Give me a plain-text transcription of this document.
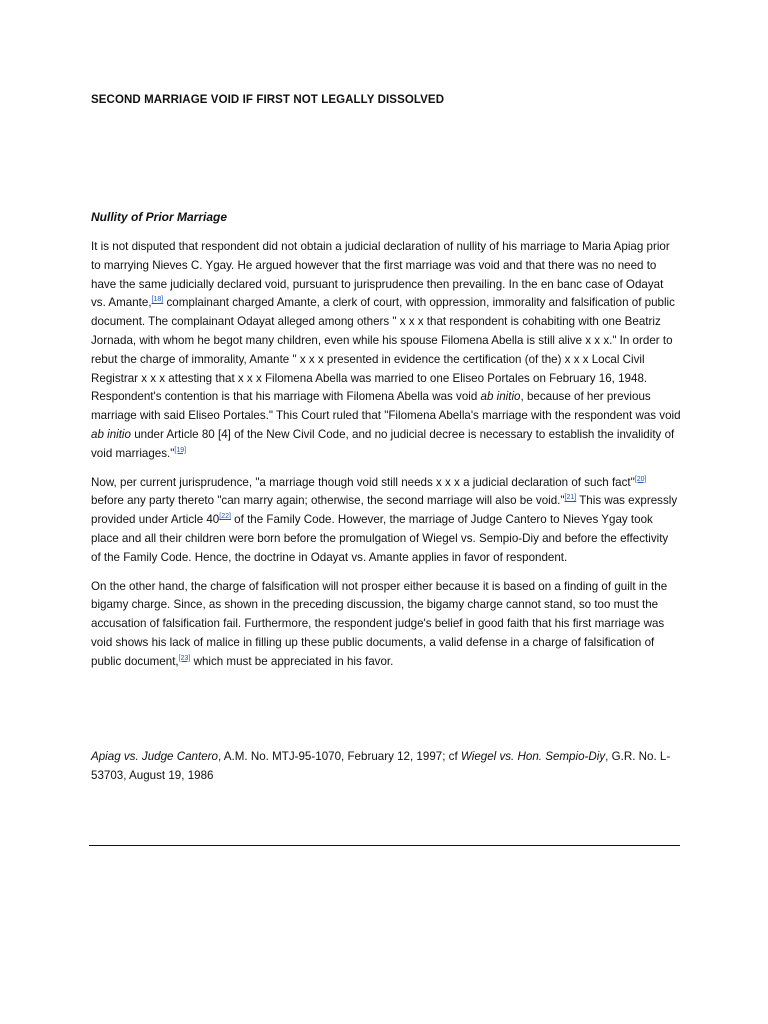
SECOND MARRIAGE VOID IF FIRST NOT LEGALLY DISSOLVED
Nullity of Prior Marriage

It is not disputed that respondent did not obtain a judicial declaration of nullity of his marriage to Maria Apiag prior to marrying Nieves C. Ygay. He argued however that the first marriage was void and that there was no need to have the same judicially declared void, pursuant to jurisprudence then prevailing. In the en banc case of Odayat vs. Amante,[18] complainant charged Amante, a clerk of court, with oppression, immorality and falsification of public document. The complainant Odayat alleged among others " x x x that respondent is cohabiting with one Beatriz Jornada, with whom he begot many children, even while his spouse Filomena Abella is still alive x x x." In order to rebut the charge of immorality, Amante " x x x presented in evidence the certification (of the) x x x Local Civil Registrar x x x attesting that x x x Filomena Abella was married to one Eliseo Portales on February 16, 1948. Respondent's contention is that his marriage with Filomena Abella was void ab initio, because of her previous marriage with said Eliseo Portales." This Court ruled that "Filomena Abella's marriage with the respondent was void ab initio under Article 80 [4] of the New Civil Code, and no judicial decree is necessary to establish the invalidity of void marriages."[19]

Now, per current jurisprudence, "a marriage though void still needs x x x a judicial declaration of such fact"[20] before any party thereto "can marry again; otherwise, the second marriage will also be void."[21] This was expressly provided under Article 40[22] of the Family Code. However, the marriage of Judge Cantero to Nieves Ygay took place and all their children were born before the promulgation of Wiegel vs. Sempio-Diy and before the effectivity of the Family Code. Hence, the doctrine in Odayat vs. Amante applies in favor of respondent.

On the other hand, the charge of falsification will not prosper either because it is based on a finding of guilt in the bigamy charge. Since, as shown in the preceding discussion, the bigamy charge cannot stand, so too must the accusation of falsification fail. Furthermore, the respondent judge's belief in good faith that his first marriage was void shows his lack of malice in filling up these public documents, a valid defense in a charge of falsification of public document,[23] which must be appreciated in his favor.

Apiag vs. Judge Cantero, A.M. No. MTJ-95-1070, February 12, 1997; cf Wiegel vs. Hon. Sempio-Diy, G.R. No. L-53703, August 19, 1986
